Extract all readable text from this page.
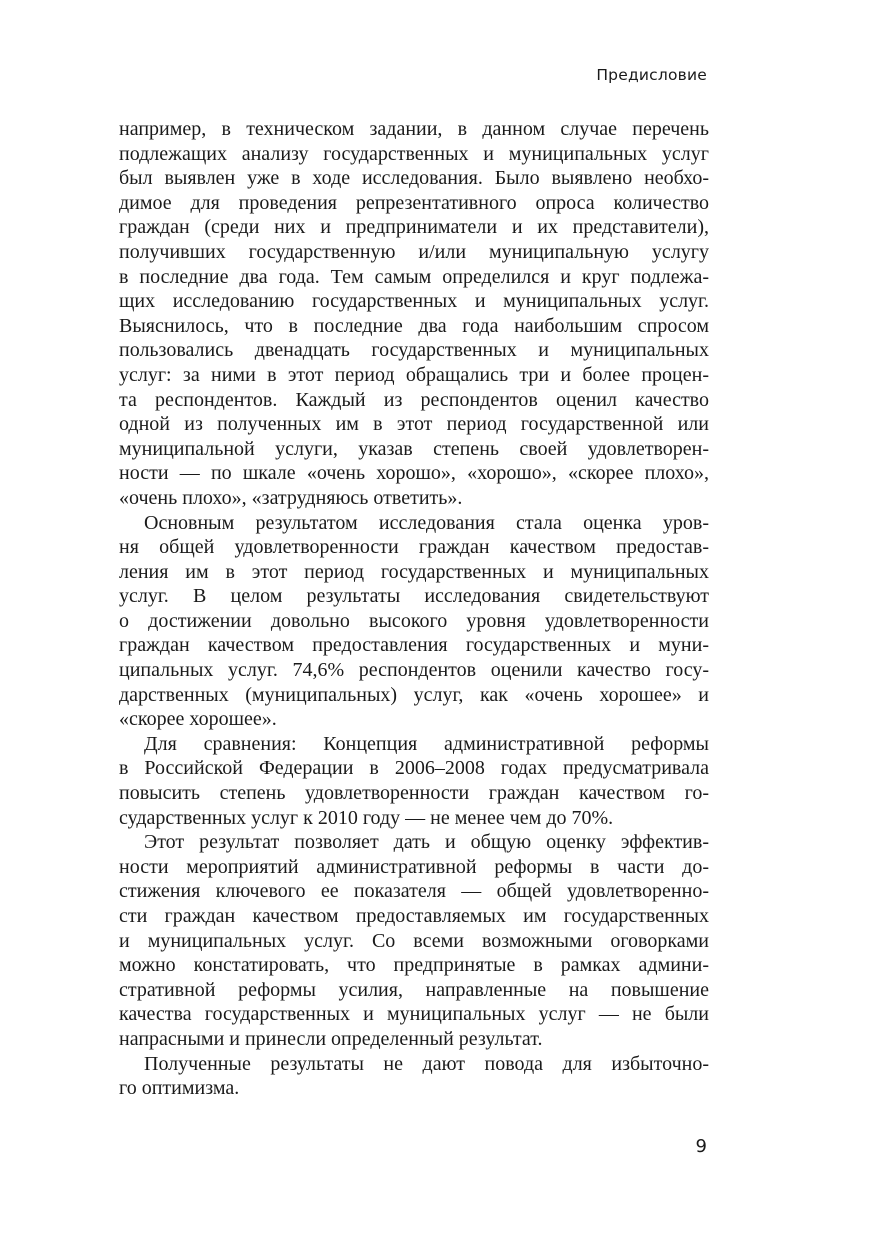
Предисловие
например, в техническом задании, в данном случае перечень
подлежащих анализу государственных и муниципальных услуг
был выявлен уже в ходе исследования. Было выявлено необхо-
димое для проведения репрезентативного опроса количество
граждан (среди них и предприниматели и их представители),
получивших государственную и/или муниципальную услугу
в последние два года. Тем самым определился и круг подлежа-
щих исследованию государственных и муниципальных услуг.
Выяснилось, что в последние два года наибольшим спросом
пользовались двенадцать государственных и муниципальных
услуг: за ними в этот период обращались три и более процен-
та респондентов. Каждый из респондентов оценил качество
одной из полученных им в этот период государственной или
муниципальной услуги, указав степень своей удовлетворен-
ности — по шкале «очень хорошо», «хорошо», «скорее плохо»,
«очень плохо», «затрудняюсь ответить».
Основным результатом исследования стала оценка уров-
ня общей удовлетворенности граждан качеством предостав-
ления им в этот период государственных и муниципальных
услуг. В целом результаты исследования свидетельствуют
о достижении довольно высокого уровня удовлетворенности
граждан качеством предоставления государственных и муни-
ципальных услуг. 74,6% респондентов оценили качество госу-
дарственных (муниципальных) услуг, как «очень хорошее» и
«скорее хорошее».
Для сравнения: Концепция административной реформы
в Российской Федерации в 2006–2008 годах предусматривала
повысить степень удовлетворенности граждан качеством го-
сударственных услуг к 2010 году — не менее чем до 70%.
Этот результат позволяет дать и общую оценку эффектив-
ности мероприятий административной реформы в части до-
стижения ключевого ее показателя — общей удовлетворенно-
сти граждан качеством предоставляемых им государственных
и муниципальных услуг. Со всеми возможными оговорками
можно констатировать, что предпринятые в рамках админи-
стративной реформы усилия, направленные на повышение
качества государственных и муниципальных услуг — не были
напрасными и принесли определенный результат.
Полученные результаты не дают повода для избыточно-
го оптимизма.
9
